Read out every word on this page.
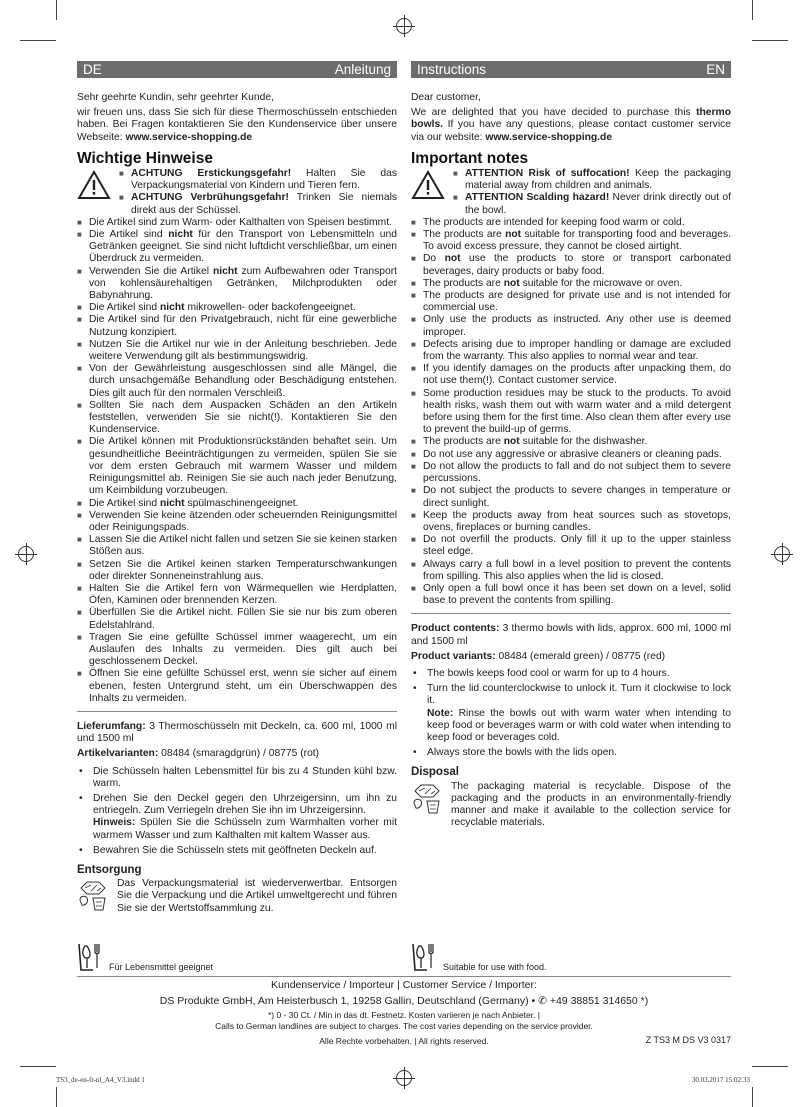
DE	Anleitung Instructions	EN

Sehr geehrte Kundin, sehr geehrter Kunde,

wir freuen uns, dass Sie sich für diese Thermoschüsseln entschieden haben. Bei Fragen kontaktieren Sie den Kundenservice über unsere Webseite: www.service-shopping.de

Wichtige Hinweise
■ ACHTUNG Erstickungsgefahr! Halten Sie das Verpackungsmaterial von Kindern und Tieren fern.
■ ACHTUNG Verbrühungsgefahr! Trinken Sie niemals direkt aus der Schüssel.
■ Die Artikel sind zum Warm- oder Kalthalten von Speisen bestimmt.
■ Die Artikel sind nicht für den Transport von Lebensmitteln und Getränken geeignet. Sie sind nicht luftdicht verschließbar, um einen Überdruck zu vermeiden.
■ Verwenden Sie die Artikel nicht zum Aufbewahren oder Transport von kohlensäurehaltigen Getränken, Milchprodukten oder Babynahrung.
■ Die Artikel sind nicht mikrowellen- oder backofengeeignet.
■ Die Artikel sind für den Privatgebrauch, nicht für eine gewerbliche Nutzung konzipiert.
■ Nutzen Sie die Artikel nur wie in der Anleitung beschrieben. Jede weitere Verwendung gilt als bestimmungswidrig.
■ Von der Gewährleistung ausgeschlossen sind alle Mängel, die durch unsachgemäße Behandlung oder Beschädigung entstehen. Dies gilt auch für den normalen Verschleiß.
■ Sollten Sie nach dem Auspacken Schäden an den Artikeln feststellen, verwenden Sie sie nicht(!). Kontaktieren Sie den Kundenservice.
■ Die Artikel können mit Produktionsrückständen behaftet sein. Um gesundheitliche Beeinträchtigungen zu vermeiden, spülen Sie sie vor dem ersten Gebrauch mit warmem Wasser und mildem Reinigungsmittel ab. Reinigen Sie sie auch nach jeder Benutzung, um Keimbildung vorzubeugen.
■ Die Artikel sind nicht spülmaschinengeeignet.
■ Verwenden Sie keine ätzenden oder scheuernden Reinigungsmittel oder Reinigungspads.
■ Lassen Sie die Artikel nicht fallen und setzen Sie sie keinen starken Stößen aus.
■ Setzen Sie die Artikel keinen starken Temperaturschwankungen oder direkter Sonneneinstrahlung aus.
■ Halten Sie die Artikel fern von Wärmequellen wie Herdplatten, Öfen, Kaminen oder brennenden Kerzen.
■ Überfüllen Sie die Artikel nicht. Füllen Sie sie nur bis zum oberen Edelstahlrand.
■ Tragen Sie eine gefüllte Schüssel immer waagerecht, um ein Auslaufen des Inhalts zu vermeiden. Dies gilt auch bei geschlossenem Deckel.
■ Öffnen Sie eine gefüllte Schüssel erst, wenn sie sicher auf einem ebenen, festen Untergrund steht, um ein Überschwappen des Inhalts zu vermeiden.

Lieferumfang: 3 Thermoschüsseln mit Deckeln, ca. 600 ml, 1000 ml und 1500 ml

Artikelvarianten: 08484 (smaragdgrün) / 08775 (rot)

• Die Schüsseln halten Lebensmittel für bis zu 4 Stunden kühl bzw. warm.
• Drehen Sie den Deckel gegen den Uhrzeigersinn, um ihn zu entriegeln. Zum Verriegeln drehen Sie ihn im Uhrzeigersinn.
Hinweis: Spülen Sie die Schüsseln zum Warmhalten vorher mit warmem Wasser und zum Kalthalten mit kaltem Wasser aus.
• Bewahren Sie die Schüsseln stets mit geöffneten Deckeln auf.
Entsorgung

Das Verpackungsmaterial ist wiederverwertbar. Entsorgen Sie die Verpackung und die Artikel umweltgerecht und führen Sie sie der Wertstoffsammlung zu.

Dear customer,

We are delighted that you have decided to purchase this thermo bowls. If you have any questions, please contact customer service via our website: www.service-shopping.de

Important notes
■ ATTENTION Risk of suffocation! Keep the packaging material away from children and animals.
■ ATTENTION Scalding hazard! Never drink directly out of the bowl.
■ The products are intended for keeping food warm or cold.
■ The products are not suitable for transporting food and beverages. To avoid excess pressure, they cannot be closed airtight.
■ Do not use the products to store or transport carbonated beverages, dairy products or baby food.
■ The products are not suitable for the microwave or oven.
■ The products are designed for private use and is not intended for commercial use.
■ Only use the products as instructed. Any other use is deemed improper.
■ Defects arising due to improper handling or damage are excluded from the warranty. This also applies to normal wear and tear.
■ If you identify damages on the products after unpacking them, do not use them(!). Contact customer service.
■ Some production residues may be stuck to the products. To avoid health risks, wash them out with warm water and a mild detergent before using them for the first time. Also clean them after every use to prevent the build-up of germs.
■ The products are not suitable for the dishwasher.
■ Do not use any aggressive or abrasive cleaners or cleaning pads.
■ Do not allow the products to fall and do not subject them to severe percussions.
■ Do not subject the products to severe changes in temperature or direct sunlight.
■ Keep the products away from heat sources such as stovetops, ovens, fireplaces or burning candles.
■ Do not overfill the products. Only fill it up to the upper stainless steel edge.
■ Always carry a full bowl in a level position to prevent the contents from spilling. This also applies when the lid is closed.
■ Only open a full bowl once it has been set down on a level, solid base to prevent the contents from spilling.

Product contents: 3 thermo bowls with lids, approx. 600 ml, 1000 ml and 1500 ml

Product variants: 08484 (emerald green) / 08775 (red)

• The bowls keeps food cool or warm for up to 4 hours.
• Turn the lid counterclockwise to unlock it. Turn it clockwise to lock it.
Note: Rinse the bowls out with warm water when intending to keep food or beverages warm or with cold water when intending to keep food or beverages cold.
• Always store the bowls with the lids open.
Disposal

The packaging material is recyclable. Dispose of the packaging and the products in an environmentally-friendly manner and make it available to the collection service for recyclable materials.

Für Lebensmittel geeignet	Suitable for use with food.
Kundenservice / Importeur | Customer Service / Importer:
DS Produkte GmbH, Am Heisterbusch 1, 19258 Gallin, Deutschland (Germany) • ✆ +49 38851 314650 *)
*) 0 - 30 Ct. / Min in das dt. Festnetz. Kosten variieren je nach Anbieter. |
Calls to German landlines are subject to charges. The cost varies depending on the service provider.
Alle Rechte vorbehalten. | All rights reserved.	Z TS3 M DS V3 0317
TS3_de-en-fr-nl_A4_V3.indd 1	30.03.2017 15:02:33
